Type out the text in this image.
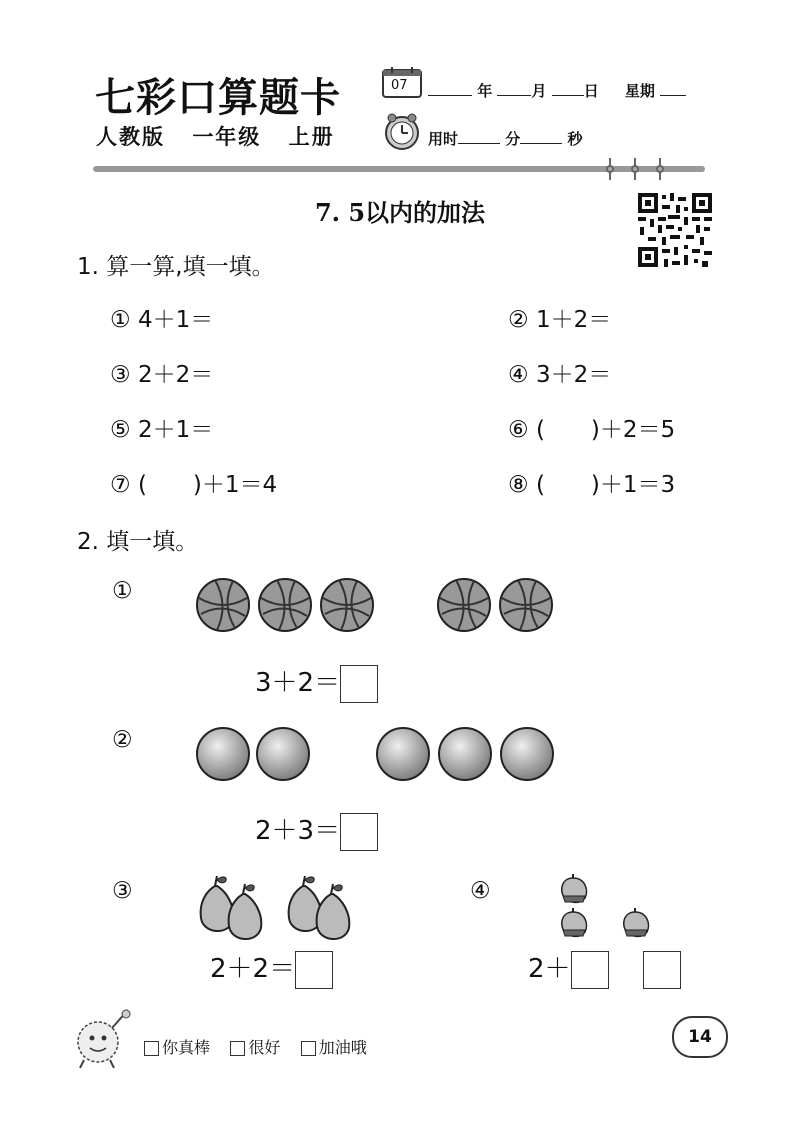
七彩口算题卡
人教版 一年级 上册
07	年	月 日 星期
用时	分	秒
7. 5以内的加法
1. 算一算,填一填。
① 4＋1＝	② 1＋2＝
③ 2＋2＝	④ 3＋2＝
⑤ 2＋1＝	⑥ (　　)＋2＝5
⑦ (　　)＋1＝4	⑧ (　　)＋1＝3
2. 填一填。
①
3＋2＝
②
2＋3＝
③
2＋2＝
④
2＋
你真棒 很好 加油哦
14
